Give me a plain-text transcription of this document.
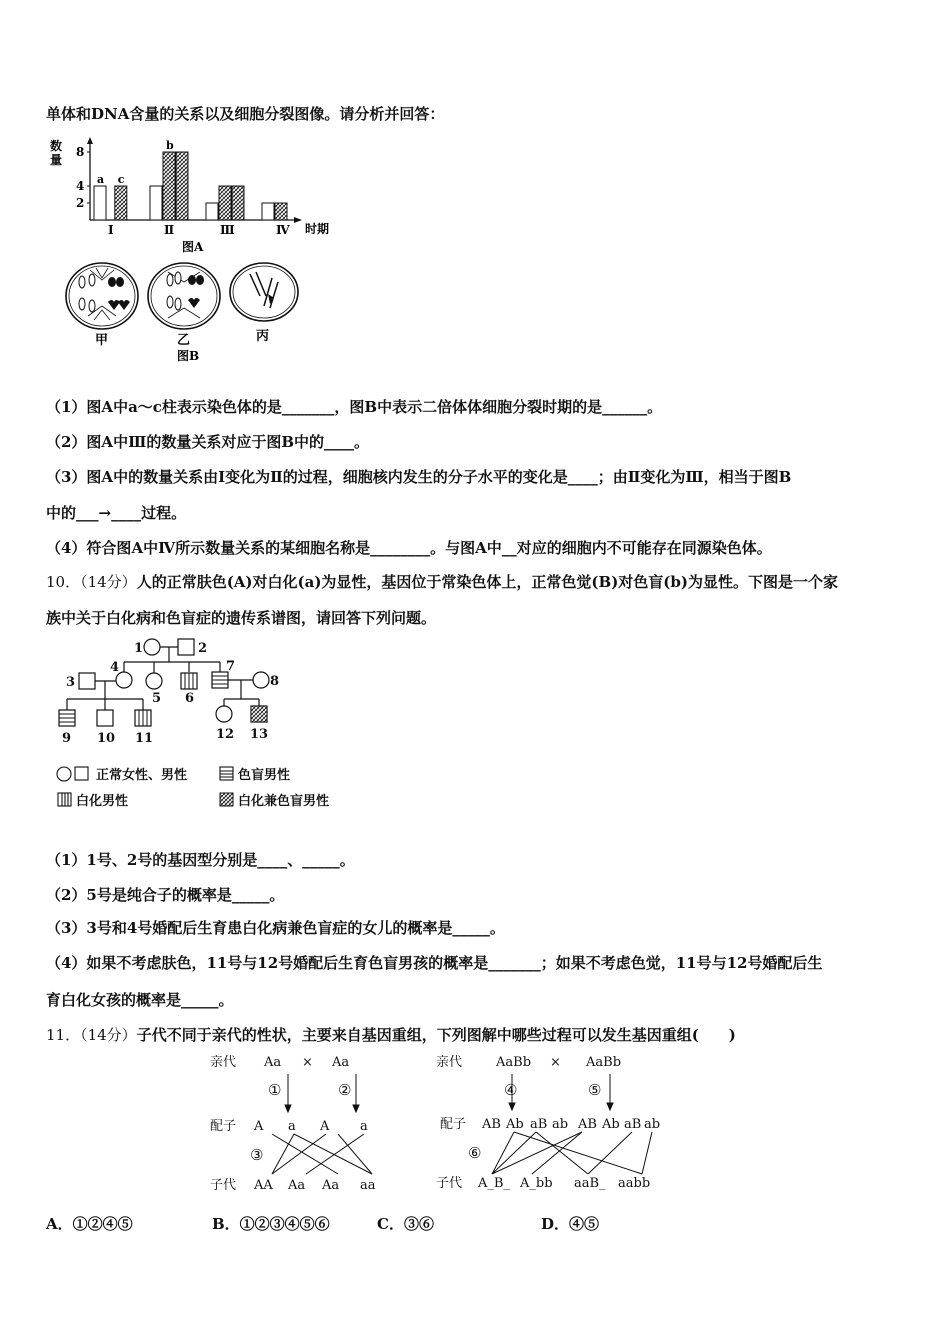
单体和DNA含量的关系以及细胞分裂图像。请分析并回答：
数
量
时期
8
4
2
a c
Ⅰ
b
Ⅱ	Ⅲ	Ⅳ
图A
甲	乙	丙
图B
（1）图A中a～c柱表示染色体的是_______，图B中表示二倍体体细胞分裂时期的是______。
（2）图A中Ⅲ的数量关系对应于图B中的____。
（3）图A中的数量关系由Ⅰ变化为Ⅱ的过程，细胞核内发生的分子水平的变化是____；由Ⅱ变化为Ⅲ，相当于图B
中的___→____过程。
（4）符合图A中Ⅳ所示数量关系的某细胞名称是________。与图A中__对应的细胞内不可能存在同源染色体。
10．（14分）人的正常肤色(A)对白化(a)为显性，基因位于常染色体上，正常色觉(B)对色盲(b)为显性。下图是一个家
族中关于白化病和色盲症的遗传系谱图，请回答下列问题。
1	2
3
4
5 6
7
8
9 10 11	12 13
正常女性、男性	色盲男性
白化男性	白化兼色盲男性
（1）1号、2号的基因型分别是____、_____。
（2）5号是纯合子的概率是_____。
（3）3号和4号婚配后生育患白化病兼色盲症的女儿的概率是_____。
（4）如果不考虑肤色，11号与12号婚配后生育色盲男孩的概率是_______；如果不考虑色觉，11号与12号婚配后生
育白化女孩的概率是_____。
11．（14分）子代不同于亲代的性状，主要来自基因重组，下列图解中哪些过程可以发生基因重组(　　)
亲代 Aa × Aa
①	②
配子 A a A a
③
子代 AA Aa Aa aa
亲代	AaBb × AaBb
④	⑤
配子 AB Ab aB ab AB Ab aB ab
⑥
子代 A_B_ A_bb aaB_ aabb
A．①②④⑤	B．①②③④⑤⑥	C．③⑥	D．④⑤
